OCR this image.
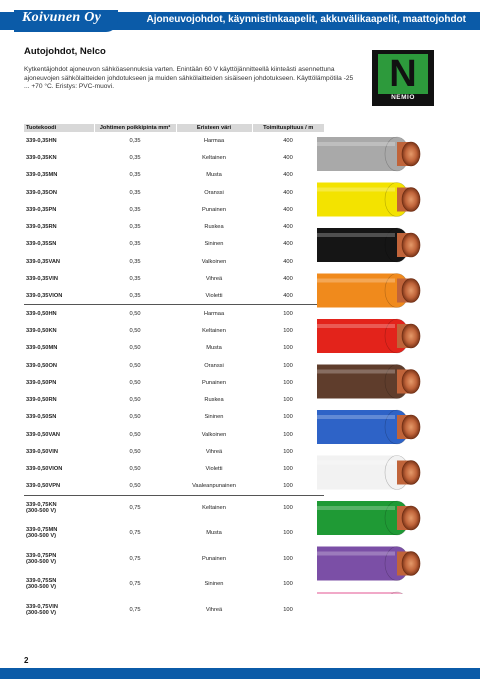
Koivunen Oy	Ajoneuvojohdot, käynnistinkaapelit, akkuvälikaapelit, maattojohdot
Autojohdot, Nelco
Kytkentäjohdot ajoneuvon sähköasennuksia varten. Enintään 60 V käyttöjännitteellä kiinteästi asennettuna ajoneuvojen sähkölaitteiden johdotukseen ja muiden sähkölaitteiden sisäiseen johdotukseen. Käyttölämpötila -25 ... +70 °C. Eristys: PVC-muovi.	N
NEMIO
Tuotekoodi	Johtimen poikkipinta mm²	Eristeen väri	Toimituspituus / m
339-0,35HN	0,35	Harmaa	400
339-0,35KN	0,35	Keltainen	400
339-0,35MN	0,35	Musta	400
339-0,35ON	0,35	Oranssi	400
339-0,35PN	0,35	Punainen	400
339-0,35RN	0,35	Ruskea	400
339-0,35SN	0,35	Sininen	400
339-0,35VAN	0,35	Valkoinen	400
339-0,35VIN	0,35	Vihreä	400
339-0,35VION	0,35	Violetti	400
339-0,50HN	0,50	Harmaa	100
339-0,50KN	0,50	Keltainen	100
339-0,50MN	0,50	Musta	100
339-0,50ON	0,50	Oranssi	100
339-0,50PN	0,50	Punainen	100
339-0,50RN	0,50	Ruskea	100
339-0,50SN	0,50	Sininen	100
339-0,50VAN	0,50	Valkoinen	100
339-0,50VIN	0,50	Vihreä	100
339-0,50VION	0,50	Violetti	100
339-0,50VPN	0,50	Vaaleanpunainen	100
339-0,75KN
(300-500 V)	0,75	Keltainen	100
339-0,75MN
(300-500 V)	0,75	Musta	100
339-0,75PN
(300-500 V)	0,75	Punainen	100
339-0,75SN
(300-500 V)	0,75	Sininen	100
339-0,75VIN
(300-500 V)	0,75	Vihreä	100
2
